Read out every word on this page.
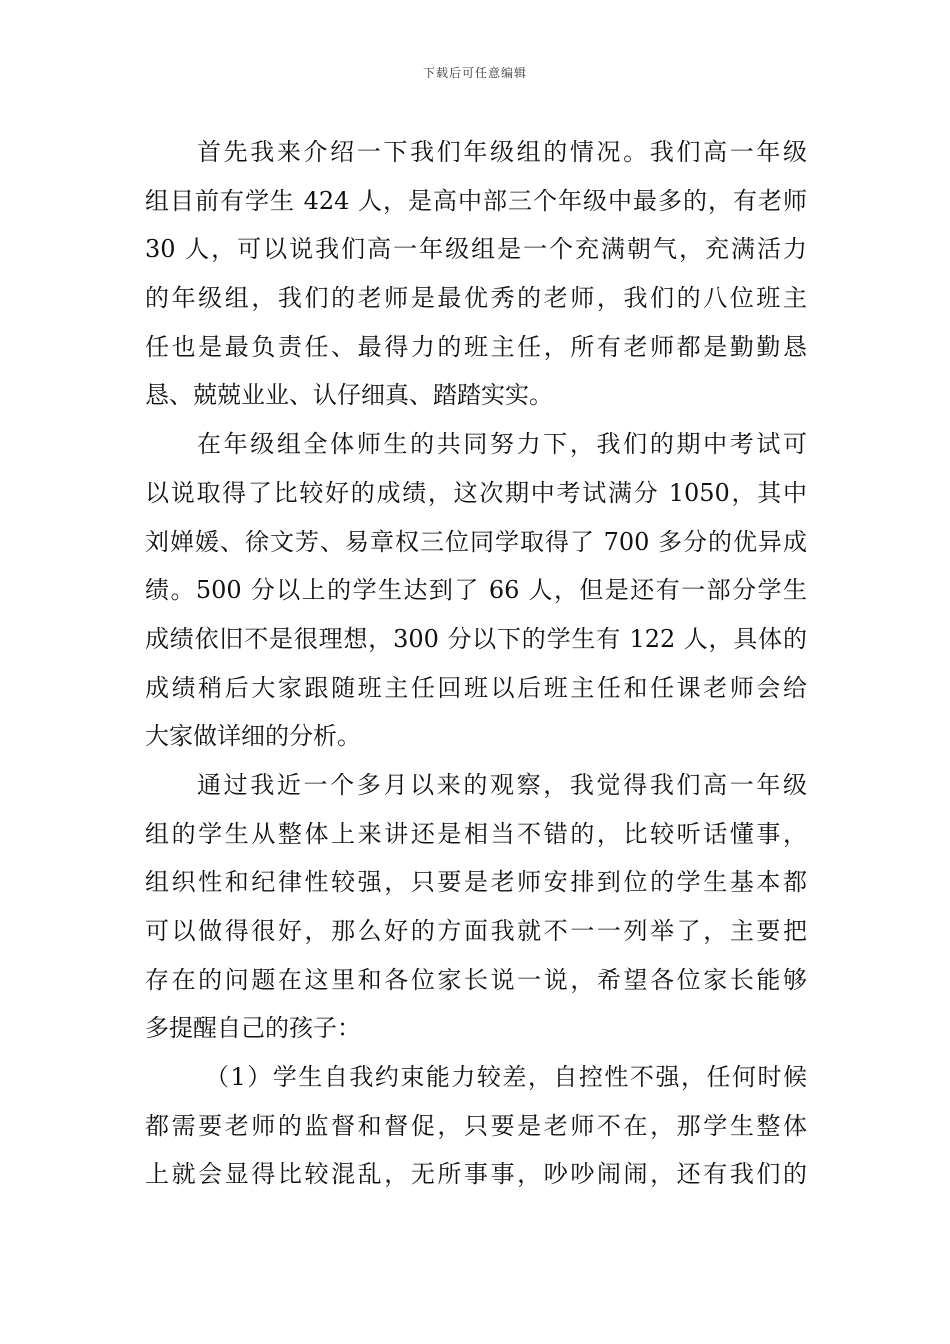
下载后可任意编辑
首先我来介绍一下我们年级组的情况。我们高一年级
组目前有学生 424 人，是高中部三个年级中最多的，有老师
30 人，可以说我们高一年级组是一个充满朝气，充满活力
的年级组，我们的老师是最优秀的老师，我们的八位班主
任也是最负责任、最得力的班主任，所有老师都是勤勤恳
恳、兢兢业业、认仔细真、踏踏实实。
在年级组全体师生的共同努力下，我们的期中考试可
以说取得了比较好的成绩，这次期中考试满分 1050，其中
刘婵媛、徐文芳、易章权三位同学取得了 700 多分的优异成
绩。500 分以上的学生达到了 66 人，但是还有一部分学生
成绩依旧不是很理想，300 分以下的学生有 122 人，具体的
成绩稍后大家跟随班主任回班以后班主任和任课老师会给
大家做详细的分析。
通过我近一个多月以来的观察，我觉得我们高一年级
组的学生从整体上来讲还是相当不错的，比较听话懂事，
组织性和纪律性较强，只要是老师安排到位的学生基本都
可以做得很好，那么好的方面我就不一一列举了，主要把
存在的问题在这里和各位家长说一说，希望各位家长能够
多提醒自己的孩子：
（1）学生自我约束能力较差，自控性不强，任何时候
都需要老师的监督和督促，只要是老师不在，那学生整体
上就会显得比较混乱，无所事事，吵吵闹闹，还有我们的
